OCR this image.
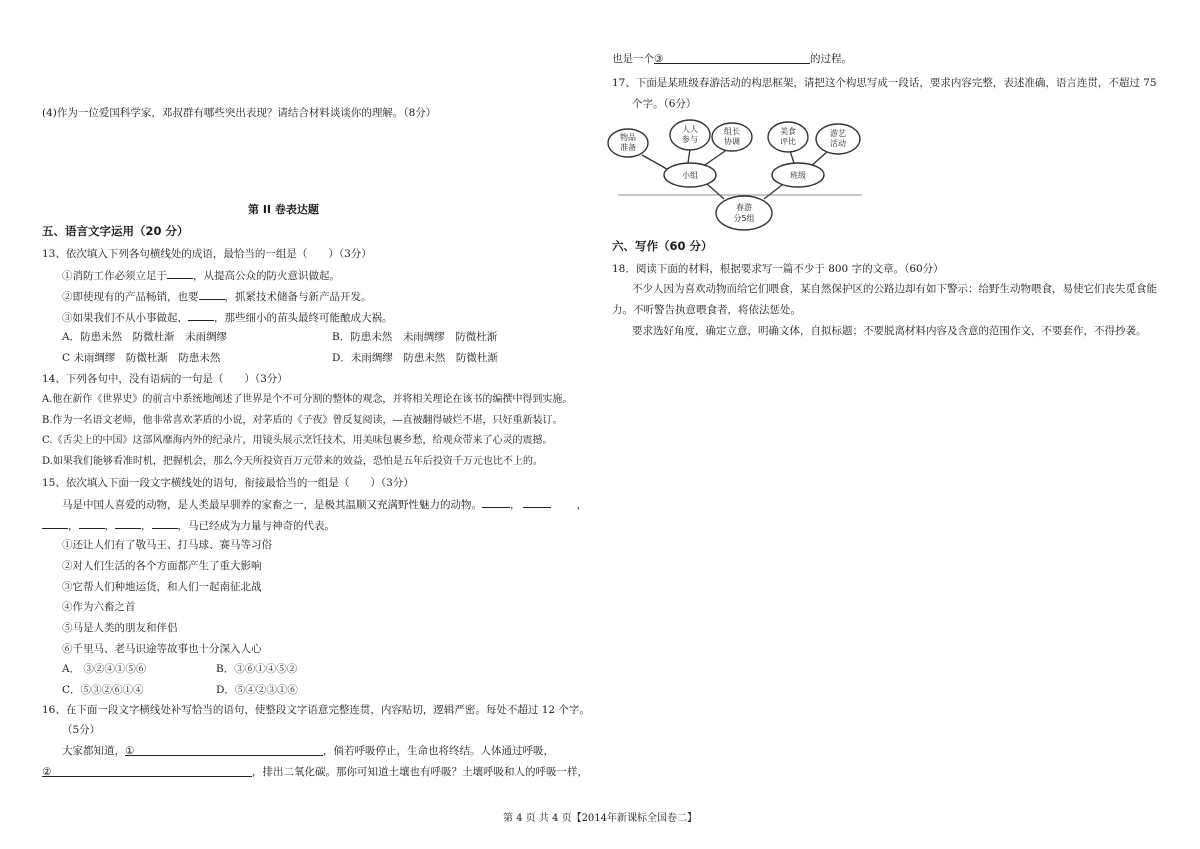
(4)作为一位爱国科学家，邓叔群有哪些突出表现？请结合材料谈谈你的理解。（8分）
第 II 卷表达题
五、语言文字运用（20 分）
13、依次填入下列各句横线处的成语，最恰当的一组是（　　）（3分）
①消防工作必须立足于 ，从提高公众的防火意识做起。
②即使现有的产品畅销，也要 ，抓紧技术储备与新产品开发。
③如果我们不从小事做起， ，那些细小的苗头最终可能酿成大祸。
A．防患未然　防微杜渐　未雨绸缪	B．防患未然　未雨绸缪　防微杜渐
C 未雨绸缪　防微杜渐　防患未然	D．未雨绸缪　防患未然　防微杜渐
14、下列各句中，没有语病的一句是（　　）（3分）
A.他在新作《世界史》的前言中系统地阐述了世界是个不可分割的整体的观念，并将相关理论在该书的编撰中得到实施。
B.作为一名语文老师，他非常喜欢茅盾的小说，对茅盾的《子夜》曾反复阅读，—直被翻得破烂不堪，只好重新装订。
C.《舌尖上的中国》这部风靡海内外的纪录片，用镜头展示烹饪技术，用美味包裹乡愁，给观众带来了心灵的震撼。
D.如果我们能够看准时机，把握机会，那么今天所投资百万元带来的效益，恐怕是五年后投资千万元也比不上的。
15、依次填入下面一段文字横线处的语句，衔接最恰当的一组是（　　）（3分）
马是中国人喜爱的动物，是人类最早驯养的家畜之一，是极其温顺又充满野性魅力的动物。	，	，
， ， ， ，马已经成为力量与神奇的代表。
①还让人们有了敬马王、打马球、赛马等习俗
②对人们生活的各个方面都产生了重大影响
③它帮人们种地运货，和人们一起南征北战
④作为六畜之首
⑤马是人类的朋友和伴侣
⑥千里马、老马识途等故事也十分深入人心
A． ③②④①⑤⑥	B．③⑥①④⑤②
C．⑤③②⑥①④	D．⑤④②③①⑥
16、在下面一段文字横线处补写恰当的语句，使整段文字语意完整连贯，内容贴切，逻辑严密。每处不超过 12 个字。
（5分）
大家都知道，①	，倘若呼吸停止，生命也将终结。人体通过呼吸，
②	，排出二氧化碳。那你可知道土壤也有呼吸？土壤呼吸和人的呼吸一样，
也是一个③	的过程。
17、下面是某班级春游活动的构思框架，请把这个构思写成一段话，要求内容完整，表述准确，语言连贯，不超过 75
个字。（6分）
物品
准备
人人
参与
组长
协调
美食
评比
游艺
活动
小组	班级
春游
分5组
六、写作（60 分）
18．阅读下面的材料，根据要求写一篇不少于 800 字的文章。（60分）
不少人因为喜欢动物而给它们喂食，某自然保护区的公路边却有如下警示：给野生动物喂食，易使它们丧失觅食能
力。不听警告执意喂食者，将依法惩处。
要求选好角度，确定立意，明确文体，自拟标题；不要脱离材料内容及含意的范围作文，不要套作，不得抄袭。
第 4 页 共 4 页【2014年新课标全国卷二】
